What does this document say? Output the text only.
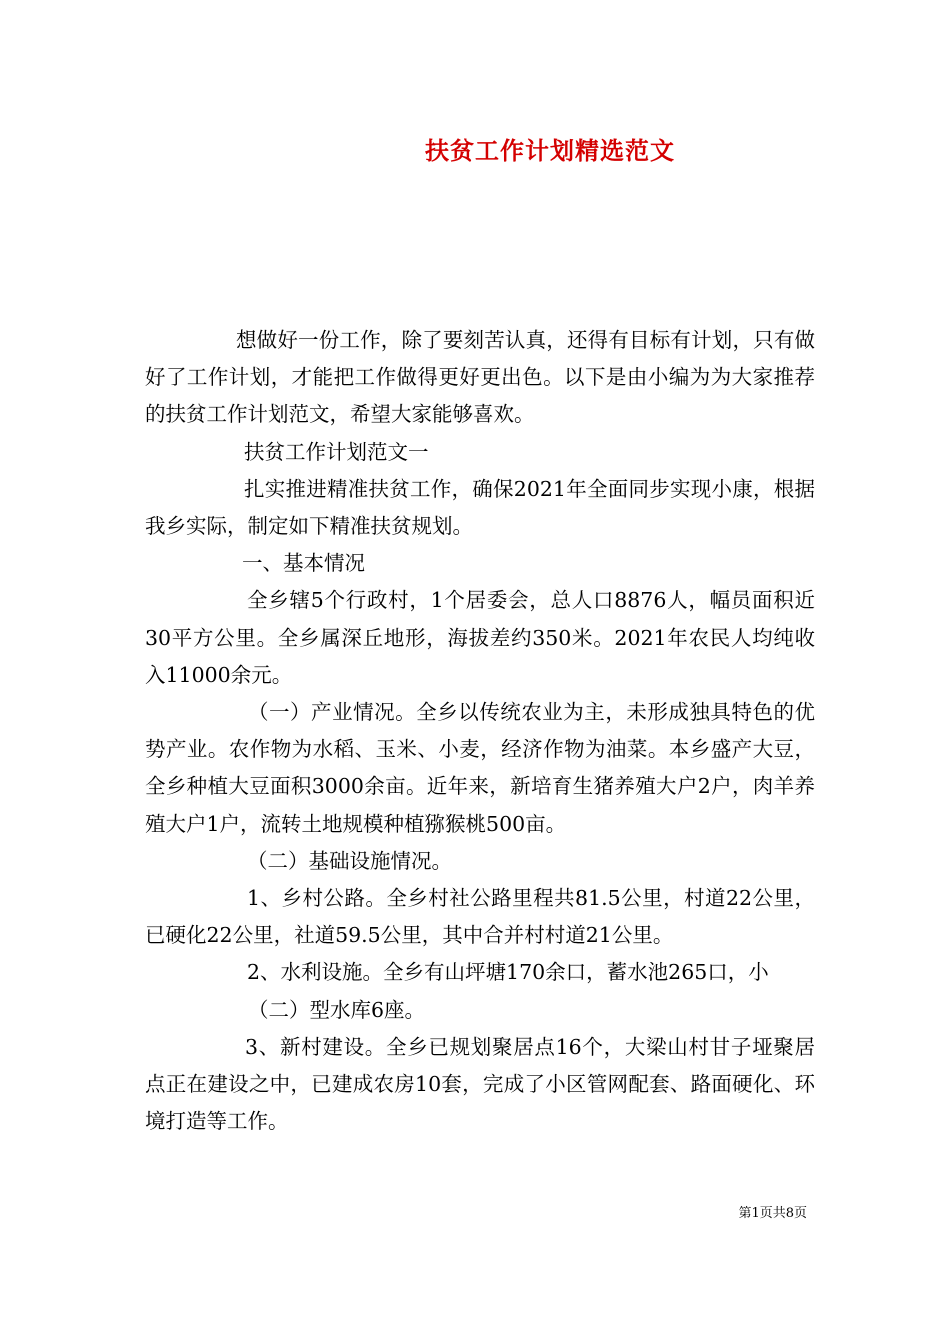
扶贫工作计划精选范文

想做好一份工作，除了要刻苦认真，还得有目标有计划，只有做好了工作计划，才能把工作做得更好更出色。以下是由小编为为大家推荐的扶贫工作计划范文，希望大家能够喜欢。

扶贫工作计划范文一

扎实推进精准扶贫工作，确保2021年全面同步实现小康，根据我乡实际，制定如下精准扶贫规划。

一、基本情况

全乡辖5个行政村，1个居委会，总人口8876人，幅员面积近30平方公里。全乡属深丘地形，海拔差约350米。2021年农民人均纯收入11000余元。

（一）产业情况。全乡以传统农业为主，未形成独具特色的优势产业。农作物为水稻、玉米、小麦，经济作物为油菜。本乡盛产大豆，全乡种植大豆面积3000余亩。近年来，新培育生猪养殖大户2户，肉羊养殖大户1户，流转土地规模种植猕猴桃500亩。

（二）基础设施情况。

1、乡村公路。全乡村社公路里程共81.5公里，村道22公里，已硬化22公里，社道59.5公里，其中合并村村道21公里。

2、水利设施。全乡有山坪塘170余口，蓄水池265口，小

（二）型水库6座。

3、新村建设。全乡已规划聚居点16个，大梁山村甘子垭聚居点正在建设之中，已建成农房10套，完成了小区管网配套、路面硬化、环境打造等工作。

第1页共8页
